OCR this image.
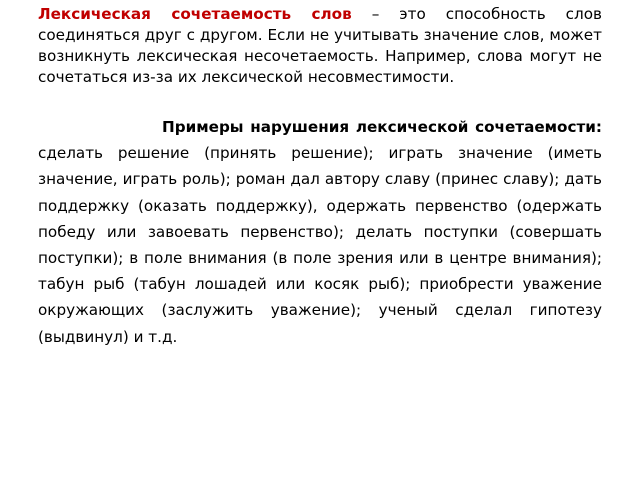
Лексическая сочетаемость слов – это способность слов соединяться друг с другом. Если не учитывать значение слов, может возникнуть лексическая несочетаемость. Например, слова могут не сочетаться из-за их лексической несовместимости.

Примеры нарушения лексической сочетаемости: сделать решение (принять решение); играть значение (иметь значение, играть роль); роман дал автору славу (принес славу); дать поддержку (оказать поддержку), одержать первенство (одержать победу или завоевать первенство); делать поступки (совершать поступки); в поле внимания (в поле зрения или в центре внимания); табун рыб (табун лошадей или косяк рыб); приобрести уважение окружающих (заслужить уважение); ученый сделал гипотезу (выдвинул) и т.д.
